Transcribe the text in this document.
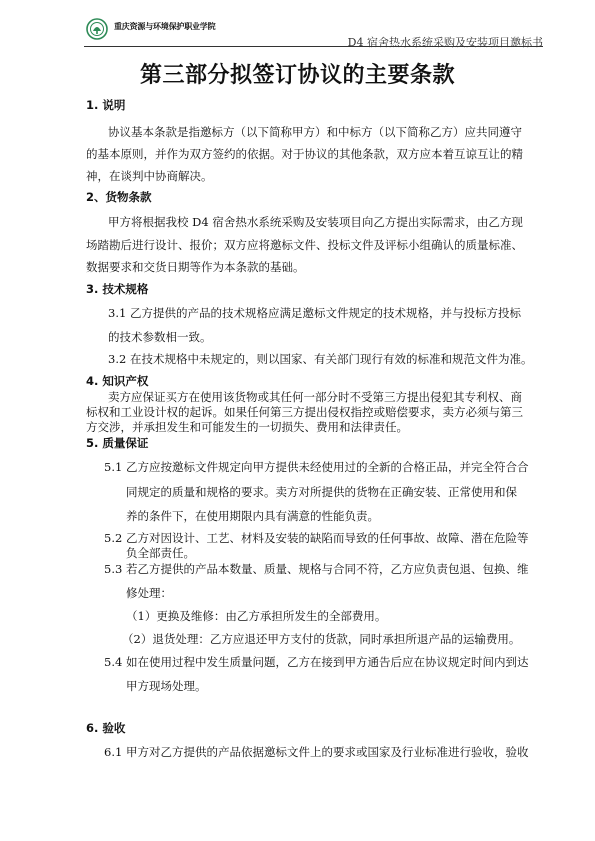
重庆资源与环境保护职业学院
D4 宿舍热水系统采购及安装项目邀标书
第三部分拟签订协议的主要条款
1. 说明
协议基本条款是指邀标方（以下简称甲方）和中标方（以下简称乙方）应共同遵守
的基本原则，并作为双方签约的依据。对于协议的其他条款，双方应本着互谅互让的精
神，在谈判中协商解决。
2、货物条款
甲方将根据我校 D4 宿舍热水系统采购及安装项目向乙方提出实际需求，由乙方现
场踏勘后进行设计、报价；双方应将邀标文件、投标文件及评标小组确认的质量标准、
数据要求和交货日期等作为本条款的基础。
3. 技术规格
3.1 乙方提供的产品的技术规格应满足邀标文件规定的技术规格，并与投标方投标
的技术参数相一致。
3.2 在技术规格中未规定的，则以国家、有关部门现行有效的标准和规范文件为准。
4. 知识产权
卖方应保证买方在使用该货物或其任何一部分时不受第三方提出侵犯其专利权、商
标权和工业设计权的起诉。如果任何第三方提出侵权指控或赔偿要求，卖方必须与第三
方交涉，并承担发生和可能发生的一切损失、费用和法律责任。
5. 质量保证
5.1 乙方应按邀标文件规定向甲方提供未经使用过的全新的合格正品，并完全符合合
同规定的质量和规格的要求。卖方对所提供的货物在正确安装、正常使用和保
养的条件下，在使用期限内具有满意的性能负责。
5.2 乙方对因设计、工艺、材料及安装的缺陷而导致的任何事故、故障、潜在危险等
负全部责任。
5.3 若乙方提供的产品本数量、质量、规格与合同不符，乙方应负责包退、包换、维
修处理：
（1）更换及维修：由乙方承担所发生的全部费用。
（2）退货处理：乙方应退还甲方支付的货款，同时承担所退产品的运输费用。
5.4 如在使用过程中发生质量问题，乙方在接到甲方通告后应在协议规定时间内到达
甲方现场处理。
6. 验收
6.1 甲方对乙方提供的产品依据邀标文件上的要求或国家及行业标准进行验收，验收
